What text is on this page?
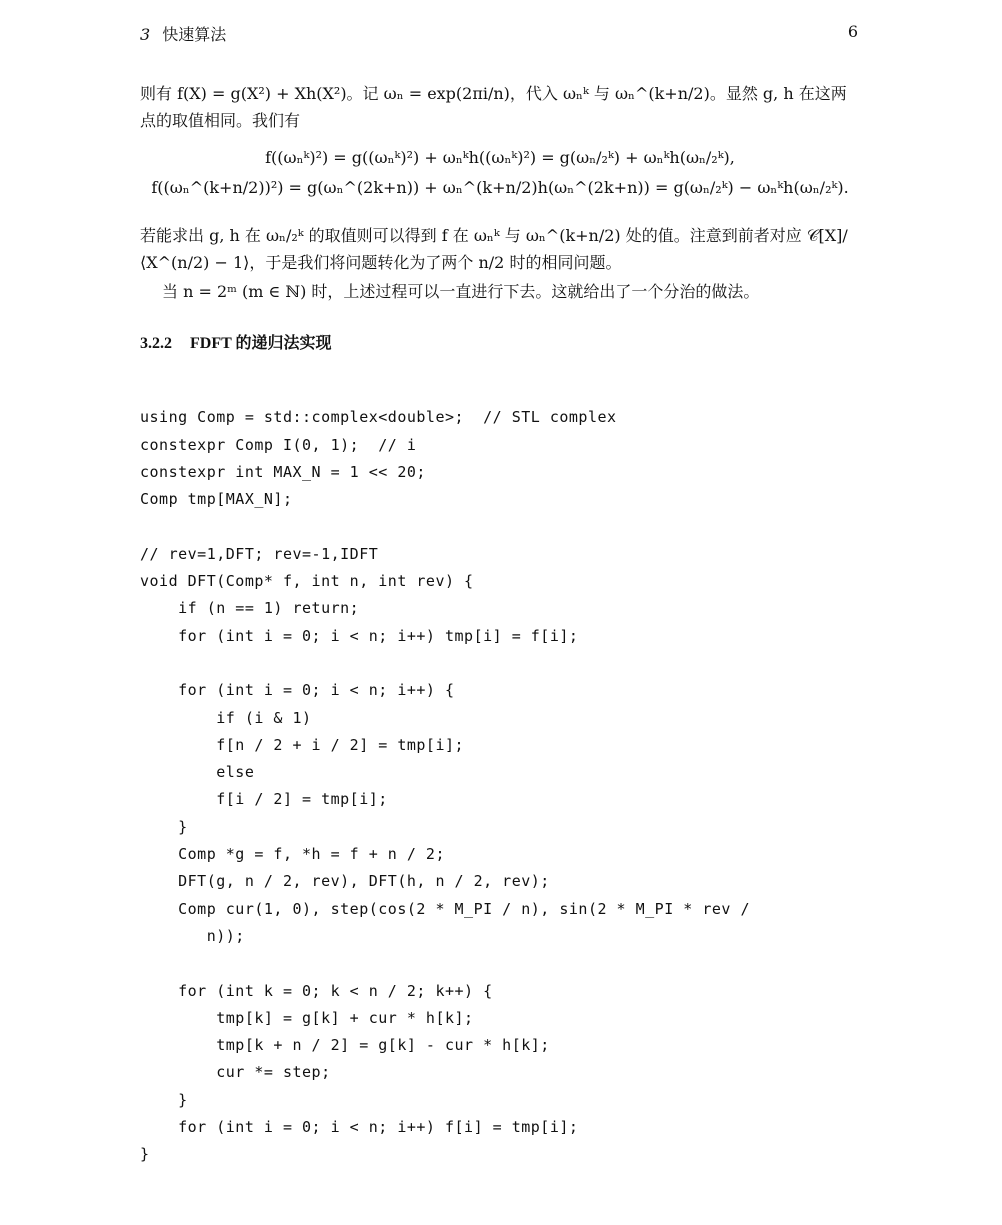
3 快速算法	6
则有 f(X) = g(X²) + Xh(X²)。记 ωₙ = exp(2πi/n)，代入 ωₙᵏ 与 ωₙ^(k+n/2)。显然 g, h 在这两点的取值相同。我们有
f((ωₙᵏ)²) = g((ωₙᵏ)²) + ωₙᵏh((ωₙᵏ)²) = g(ωₙ/₂ᵏ) + ωₙᵏh(ωₙ/₂ᵏ),
f((ωₙ^(k+n/2))²) = g(ωₙ^(2k+n)) + ωₙ^(k+n/2)h(ωₙ^(2k+n)) = g(ωₙ/₂ᵏ) − ωₙᵏh(ωₙ/₂ᵏ).
若能求出 g, h 在 ωₙ/₂ᵏ 的取值则可以得到 f 在 ωₙᵏ 与 ωₙ^(k+n/2) 处的值。注意到前者对应 𝒞[X]/⟨X^(n/2) − 1⟩，于是我们将问题转化为了两个 n/2 时的相同问题。
当 n = 2ᵐ (m ∈ ℕ) 时，上述过程可以一直进行下去。这就给出了一个分治的做法。
3.2.2 FDFT 的递归法实现

using Comp = std::complex<double>;  // STL complex
constexpr Comp I(0, 1);  // i
constexpr int MAX_N = 1 << 20;
Comp tmp[MAX_N];
// rev=1,DFT; rev=-1,IDFT
void DFT(Comp* f, int n, int rev) {
if (n == 1) return;
for (int i = 0; i < n; i++) tmp[i] = f[i];
for (int i = 0; i < n; i++) {
if (i & 1)
f[n / 2 + i / 2] = tmp[i];
else
f[i / 2] = tmp[i];
}
Comp *g = f, *h = f + n / 2;
DFT(g, n / 2, rev), DFT(h, n / 2, rev);
Comp cur(1, 0), step(cos(2 * M_PI / n), sin(2 * M_PI * rev /
n));
for (int k = 0; k < n / 2; k++) {
tmp[k] = g[k] + cur * h[k];
tmp[k + n / 2] = g[k] - cur * h[k];
cur *= step;
}
for (int i = 0; i < n; i++) f[i] = tmp[i];
}
